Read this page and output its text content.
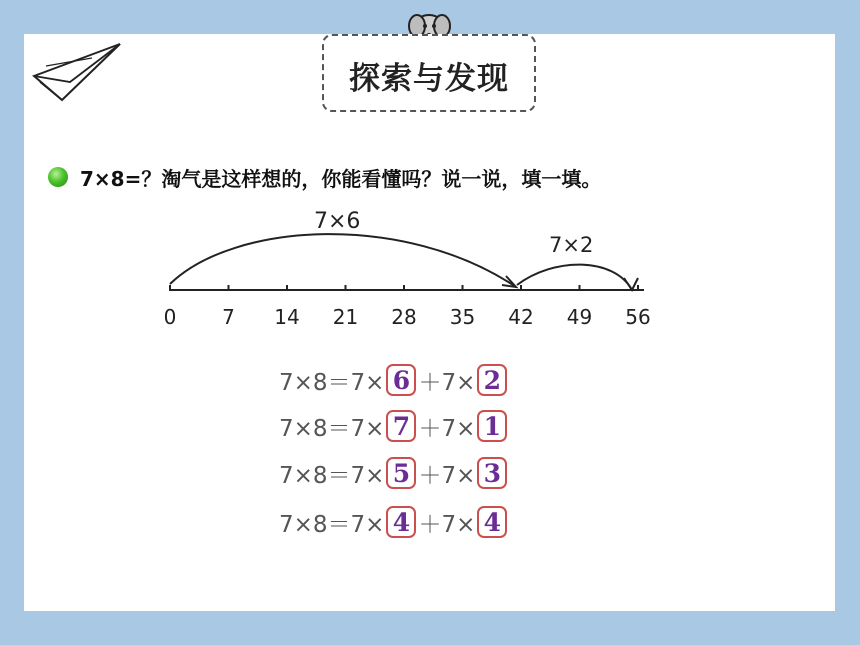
探索与发现
7×8=？淘气是这样想的，你能看懂吗？说一说，填一填。
0 7 14 21 28 35 42 49 56
7×6
7×2
7×8＝7× 6 ＋7× 2
7×8＝7× 7 ＋7× 1
7×8＝7× 5 ＋7× 3
7×8＝7× 4 ＋7× 4
